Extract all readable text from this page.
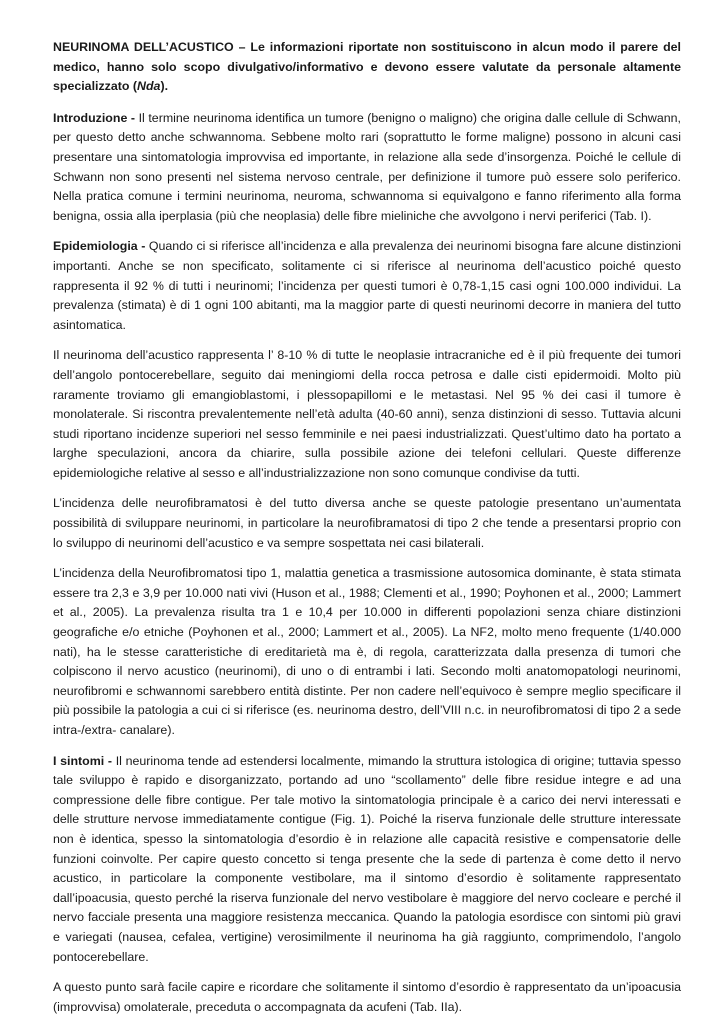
NEURINOMA DELL’ACUSTICO – Le informazioni riportate non sostituiscono in alcun modo il parere del medico, hanno solo scopo divulgativo/informativo e devono essere valutate da personale altamente specializzato (Nda).

Introduzione - Il termine neurinoma identifica un tumore (benigno o maligno) che origina dalle cellule di Schwann, per questo detto anche schwannoma. Sebbene molto rari (soprattutto le forme maligne) possono in alcuni casi presentare una sintomatologia improvvisa ed importante, in relazione alla sede d’insorgenza. Poiché le cellule di Schwann non sono presenti nel sistema nervoso centrale, per definizione il tumore può essere solo periferico. Nella pratica comune i termini neurinoma, neuroma, schwannoma si equivalgono e fanno riferimento alla forma benigna, ossia alla iperplasia (più che neoplasia) delle fibre mieliniche che avvolgono i nervi periferici (Tab. I).

Epidemiologia - Quando ci si riferisce all’incidenza e alla prevalenza dei neurinomi bisogna fare alcune distinzioni importanti. Anche se non specificato, solitamente ci si riferisce al neurinoma dell’acustico poiché questo rappresenta il 92 % di tutti i neurinomi; l’incidenza per questi tumori è 0,78-1,15 casi ogni 100.000 individui. La prevalenza (stimata) è di 1 ogni 100 abitanti, ma la maggior parte di questi neurinomi decorre in maniera del tutto asintomatica.

Il neurinoma dell’acustico rappresenta l’ 8-10 % di tutte le neoplasie intracraniche ed è il più frequente dei tumori dell’angolo pontocerebellare, seguito dai meningiomi della rocca petrosa e dalle cisti epidermoidi. Molto più raramente troviamo gli emangioblastomi, i plessopapillomi e le metastasi. Nel 95 % dei casi il tumore è monolaterale. Si riscontra prevalentemente nell’età adulta (40-60 anni), senza distinzioni di sesso. Tuttavia alcuni studi riportano incidenze superiori nel sesso femminile e nei paesi industrializzati. Quest’ultimo dato ha portato a larghe speculazioni, ancora da chiarire, sulla possibile azione dei telefoni cellulari. Queste differenze epidemiologiche relative al sesso e all’industrializzazione non sono comunque condivise da tutti.

L’incidenza delle neurofibramatosi è del tutto diversa anche se queste patologie presentano un’aumentata possibilità di sviluppare neurinomi, in particolare la neurofibramatosi di tipo 2 che tende a presentarsi proprio con lo sviluppo di neurinomi dell’acustico e va sempre sospettata nei casi bilaterali.

L’incidenza della Neurofibromatosi tipo 1, malattia genetica a trasmissione autosomica dominante, è stata stimata essere tra 2,3 e 3,9 per 10.000 nati vivi (Huson et al., 1988; Clementi et al., 1990; Poyhonen et al., 2000; Lammert et al., 2005). La prevalenza risulta tra 1 e 10,4 per 10.000 in differenti popolazioni senza chiare distinzioni geografiche e/o etniche (Poyhonen et al., 2000; Lammert et al., 2005). La NF2, molto meno frequente (1/40.000 nati), ha le stesse caratteristiche di ereditarietà ma è, di regola, caratterizzata dalla presenza di tumori che colpiscono il nervo acustico (neurinomi), di uno o di entrambi i lati. Secondo molti anatomopatologi neurinomi, neurofibromi e schwannomi sarebbero entità distinte. Per non cadere nell’equivoco è sempre meglio specificare il più possibile la patologia a cui ci si riferisce (es. neurinoma destro, dell’VIII n.c. in neurofibromatosi di tipo 2 a sede intra-/extra- canalare).

I sintomi - Il neurinoma tende ad estendersi localmente, mimando la struttura istologica di origine; tuttavia spesso tale sviluppo è rapido e disorganizzato, portando ad uno “scollamento” delle fibre residue integre e ad una compressione delle fibre contigue. Per tale motivo la sintomatologia principale è a carico dei nervi interessati e delle strutture nervose immediatamente contigue (Fig. 1). Poiché la riserva funzionale delle strutture interessate non è identica, spesso la sintomatologia d’esordio è in relazione alle capacità resistive e compensatorie delle funzioni coinvolte. Per capire questo concetto si tenga presente che la sede di partenza è come detto il nervo acustico, in particolare la componente vestibolare, ma il sintomo d’esordio è solitamente rappresentato dall’ipoacusia, questo perché la riserva funzionale del nervo vestibolare è maggiore del nervo cocleare e perché il nervo facciale presenta una maggiore resistenza meccanica. Quando la patologia esordisce con sintomi più gravi e variegati (nausea, cefalea, vertigine) verosimilmente il neurinoma ha già raggiunto, comprimendolo, l’angolo pontocerebellare.

A questo punto sarà facile capire e ricordare che solitamente il sintomo d’esordio è rappresentato da un’ipoacusia (improvvisa) omolaterale, preceduta o accompagnata da acufeni (Tab. IIa).
